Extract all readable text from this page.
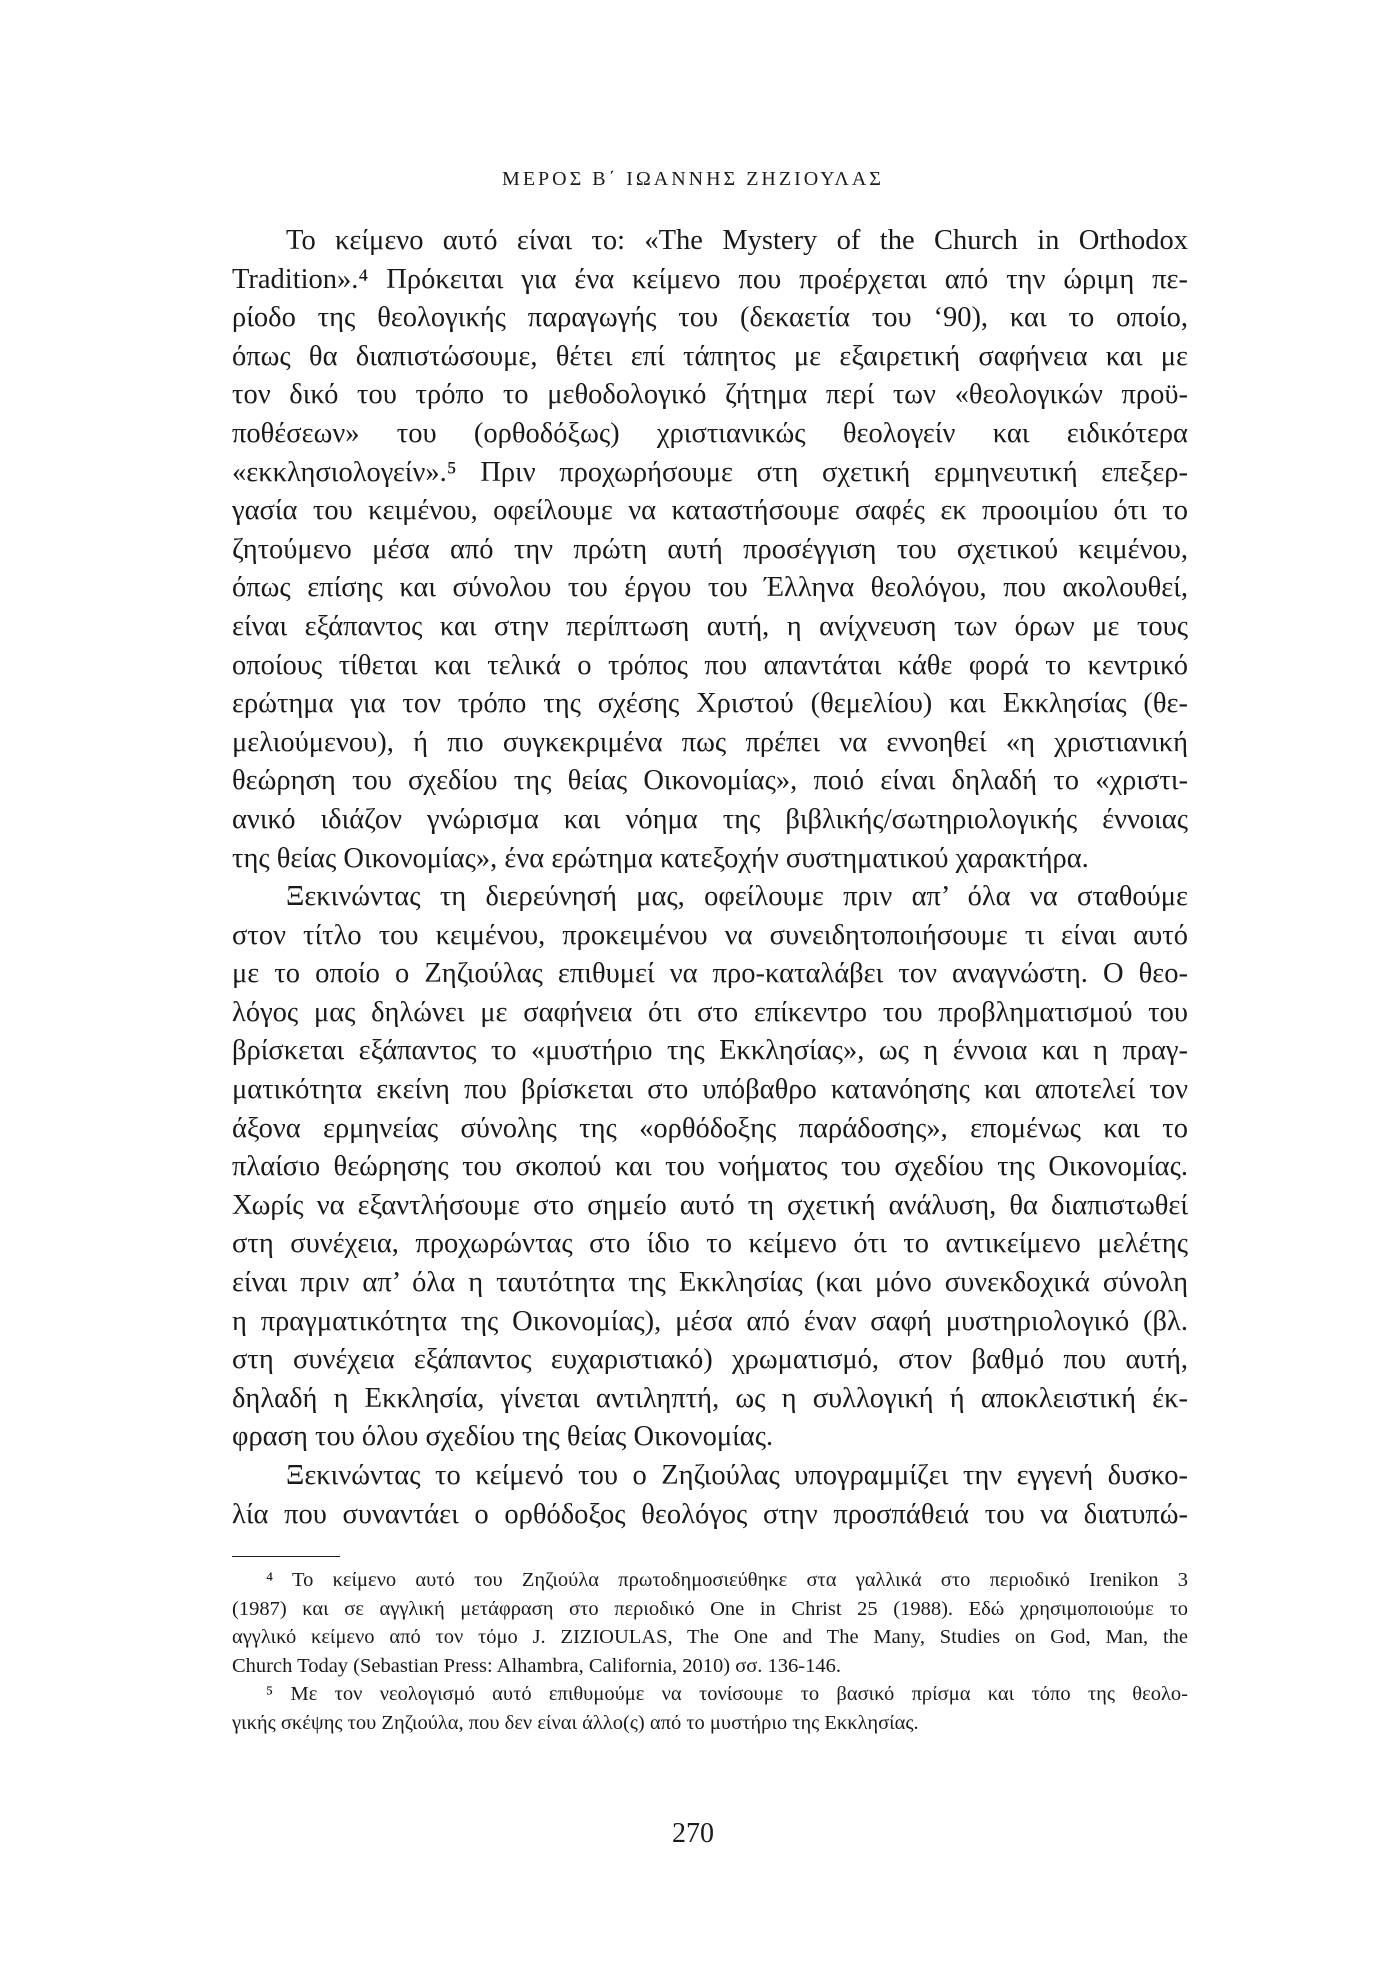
ΜΕΡΟΣ Β΄ ΙΩΑΝΝΗΣ ΖΗΖΙΟΥΛΑΣ
Το κείμενο αυτό είναι το: «The Mystery of the Church in Orthodox
Tradition».⁴ Πρόκειται για ένα κείμενο που προέρχεται από την ώριμη πε-
ρίοδο της θεολογικής παραγωγής του (δεκαετία του ‘90), και το οποίο,
όπως θα διαπιστώσουμε, θέτει επί τάπητος με εξαιρετική σαφήνεια και με
τον δικό του τρόπο το μεθοδολογικό ζήτημα περί των «θεολογικών προϋ-
ποθέσεων» του (ορθοδόξως) χριστιανικώς θεολογείν και ειδικότερα
«εκκλησιολογείν».⁵ Πριν προχωρήσουμε στη σχετική ερμηνευτική επεξερ-
γασία του κειμένου, οφείλουμε να καταστήσουμε σαφές εκ προοιμίου ότι το
ζητούμενο μέσα από την πρώτη αυτή προσέγγιση του σχετικού κειμένου,
όπως επίσης και σύνολου του έργου του Έλληνα θεολόγου, που ακολουθεί,
είναι εξάπαντος και στην περίπτωση αυτή, η ανίχνευση των όρων με τους
οποίους τίθεται και τελικά ο τρόπος που απαντάται κάθε φορά το κεντρικό
ερώτημα για τον τρόπο της σχέσης Χριστού (θεμελίου) και Εκκλησίας (θε-
μελιούμενου), ή πιο συγκεκριμένα πως πρέπει να εννοηθεί «η χριστιανική
θεώρηση του σχεδίου της θείας Οικονομίας», ποιό είναι δηλαδή το «χριστι-
ανικό ιδιάζον γνώρισμα και νόημα της βιβλικής/σωτηριολογικής έννοιας
της θείας Οικονομίας», ένα ερώτημα κατεξοχήν συστηματικού χαρακτήρα.
Ξεκινώντας τη διερεύνησή μας, οφείλουμε πριν απ’ όλα να σταθούμε
στον τίτλο του κειμένου, προκειμένου να συνειδητοποιήσουμε τι είναι αυτό
με το οποίο ο Ζηζιούλας επιθυμεί να προ-καταλάβει τον αναγνώστη. Ο θεο-
λόγος μας δηλώνει με σαφήνεια ότι στο επίκεντρο του προβληματισμού του
βρίσκεται εξάπαντος το «μυστήριο της Εκκλησίας», ως η έννοια και η πραγ-
ματικότητα εκείνη που βρίσκεται στο υπόβαθρο κατανόησης και αποτελεί τον
άξονα ερμηνείας σύνολης της «ορθόδοξης παράδοσης», επομένως και το
πλαίσιο θεώρησης του σκοπού και του νοήματος του σχεδίου της Οικονομίας.
Χωρίς να εξαντλήσουμε στο σημείο αυτό τη σχετική ανάλυση, θα διαπιστωθεί
στη συνέχεια, προχωρώντας στο ίδιο το κείμενο ότι το αντικείμενο μελέτης
είναι πριν απ’ όλα η ταυτότητα της Εκκλησίας (και μόνο συνεκδοχικά σύνολη
η πραγματικότητα της Οικονομίας), μέσα από έναν σαφή μυστηριολογικό (βλ.
στη συνέχεια εξάπαντος ευχαριστιακό) χρωματισμό, στον βαθμό που αυτή,
δηλαδή η Εκκλησία, γίνεται αντιληπτή, ως η συλλογική ή αποκλειστική έκ-
φραση του όλου σχεδίου της θείας Οικονομίας.
Ξεκινώντας το κείμενό του ο Ζηζιούλας υπογραμμίζει την εγγενή δυσκο-
λία που συναντάει ο ορθόδοξος θεολόγος στην προσπάθειά του να διατυπώ-
⁴ Το κείμενο αυτό του Ζηζιούλα πρωτοδημοσιεύθηκε στα γαλλικά στο περιοδικό Irenikon 3
(1987) και σε αγγλική μετάφραση στο περιοδικό One in Christ 25 (1988). Εδώ χρησιμοποιούμε το
αγγλικό κείμενο από τον τόμο J. ZIZIOULAS, The One and The Many, Studies on God, Man, the
Church Today (Sebastian Press: Alhambra, California, 2010) σσ. 136-146.
⁵ Με τον νεολογισμό αυτό επιθυμούμε να τονίσουμε το βασικό πρίσμα και τόπο της θεολο-
γικής σκέψης του Ζηζιούλα, που δεν είναι άλλο(ς) από το μυστήριο της Εκκλησίας.
270
